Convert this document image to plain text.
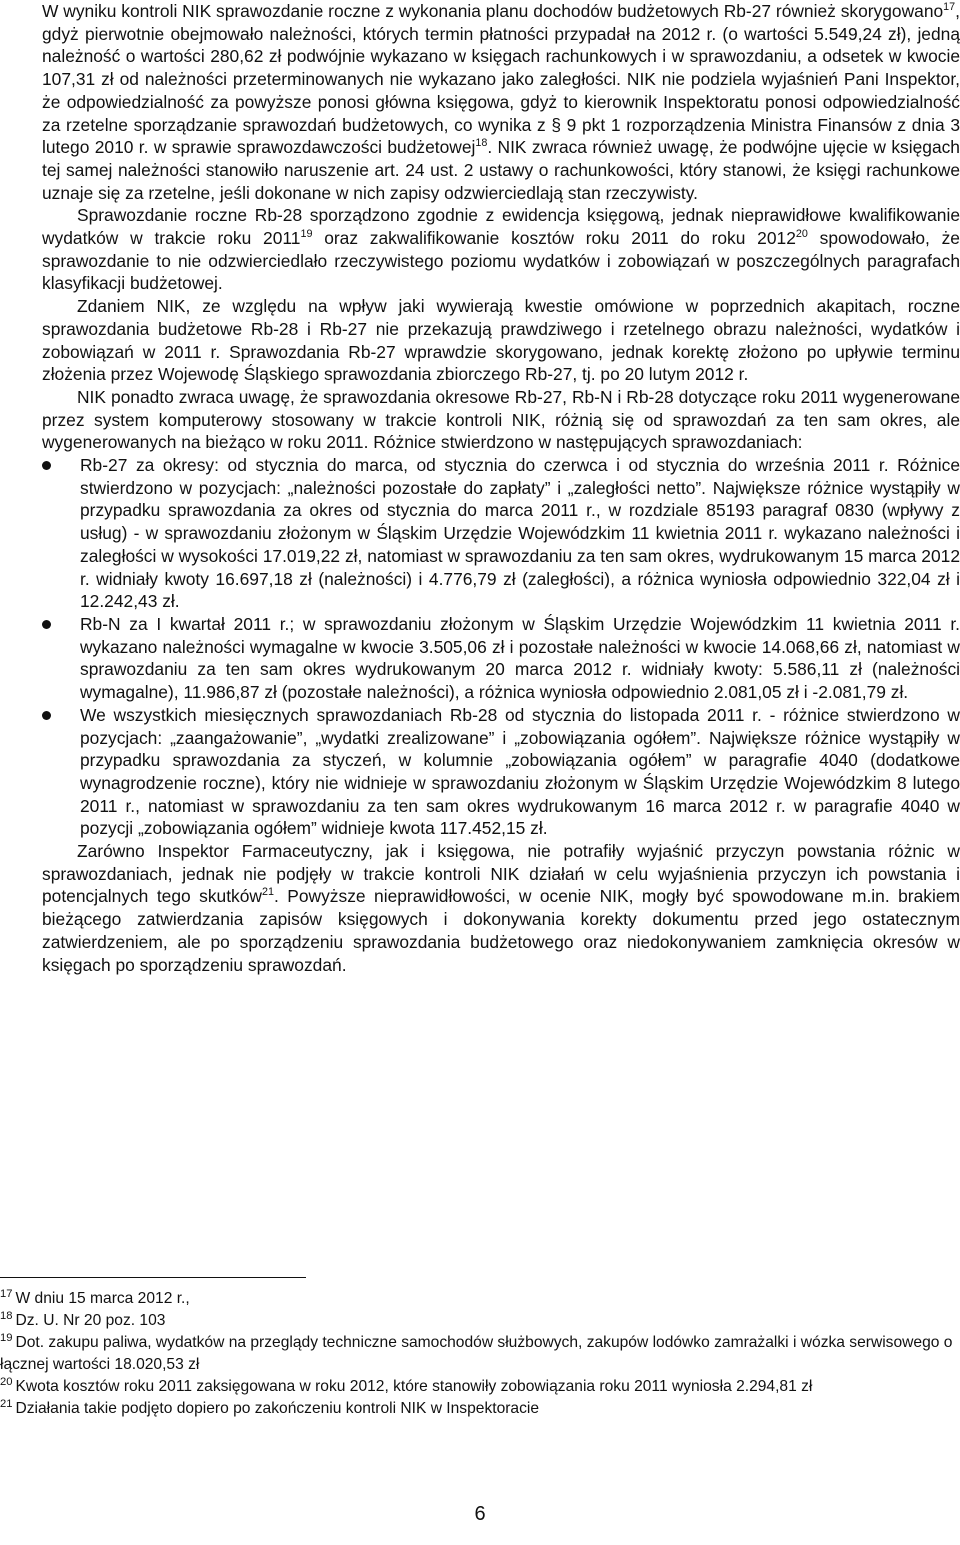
W wyniku kontroli NIK sprawozdanie roczne z wykonania planu dochodów budżetowych Rb-27 również skorygowano$^{17}$, gdyż pierwotnie obejmowało należności, których termin płatności przypadał na 2012 r. (o wartości 5.549,24 zł), jedną należność o wartości 280,62 zł podwójnie wykazano w księgach rachunkowych i w sprawozdaniu, a odsetek w kwocie 107,31 zł od należności przeterminowanych nie wykazano jako zaległości. NIK nie podziela wyjaśnień Pani Inspektor, że odpowiedzialność za powyższe ponosi główna księgowa, gdyż to kierownik Inspektoratu ponosi odpowiedzialność za rzetelne sporządzanie sprawozdań budżetowych, co wynika z § 9 pkt 1 rozporządzenia Ministra Finansów z dnia 3 lutego 2010 r. w sprawie sprawozdawczości budżetowej$^{18}$. NIK zwraca również uwagę, że podwójne ujęcie w księgach tej samej należności stanowiło naruszenie art. 24 ust. 2 ustawy o rachunkowości, który stanowi, że księgi rachunkowe uznaje się za rzetelne, jeśli dokonane w nich zapisy odzwierciedlają stan rzeczywisty.

Sprawozdanie roczne Rb-28 sporządzono zgodnie z ewidencja księgową, jednak nieprawidłowe kwalifikowanie wydatków w trakcie roku 2011$^{19}$ oraz zakwalifikowanie kosztów roku 2011 do roku 2012$^{20}$ spowodowało, że sprawozdanie to nie odzwierciedlało rzeczywistego poziomu wydatków i zobowiązań w poszczególnych paragrafach klasyfikacji budżetowej.

Zdaniem NIK, ze względu na wpływ jaki wywierają kwestie omówione w poprzednich akapitach, roczne sprawozdania budżetowe Rb-28 i Rb-27 nie przekazują prawdziwego i rzetelnego obrazu należności, wydatków i zobowiązań w 2011 r. Sprawozdania Rb-27 wprawdzie skorygowano, jednak korektę złożono po upływie terminu złożenia przez Wojewodę Śląskiego sprawozdania zbiorczego Rb-27, tj. po 20 lutym 2012 r.

NIK ponadto zwraca uwagę, że sprawozdania okresowe Rb-27, Rb-N i Rb-28 dotyczące roku 2011 wygenerowane przez system komputerowy stosowany w trakcie kontroli NIK, różnią się od sprawozdań za ten sam okres, ale wygenerowanych na bieżąco w roku 2011. Różnice stwierdzono w następujących sprawozdaniach:

Rb-27 za okresy: od stycznia do marca, od stycznia do czerwca i od stycznia do września 2011 r. Różnice stwierdzono w pozycjach: „należności pozostałe do zapłaty” i „zaległości netto”. Największe różnice wystąpiły w przypadku sprawozdania za okres od stycznia do marca 2011 r., w rozdziale 85193 paragraf 0830 (wpływy z usług) - w sprawozdaniu złożonym w Śląskim Urzędzie Wojewódzkim 11 kwietnia 2011 r. wykazano należności i zaległości w wysokości 17.019,22 zł, natomiast w sprawozdaniu za ten sam okres, wydrukowanym 15 marca 2012 r. widniały kwoty 16.697,18 zł (należności) i 4.776,79 zł (zaległości), a różnica wyniosła odpowiednio 322,04 zł i 12.242,43 zł.
Rb-N za I kwartał 2011 r.; w sprawozdaniu złożonym w Śląskim Urzędzie Wojewódzkim 11 kwietnia 2011 r. wykazano należności wymagalne w kwocie 3.505,06 zł i pozostałe należności w kwocie 14.068,66 zł, natomiast w sprawozdaniu za ten sam okres wydrukowanym 20 marca 2012 r. widniały kwoty: 5.586,11 zł (należności wymagalne), 11.986,87 zł (pozostałe należności), a różnica wyniosła odpowiednio 2.081,05 zł i -2.081,79 zł.
We wszystkich miesięcznych sprawozdaniach Rb-28 od stycznia do listopada 2011 r. - różnice stwierdzono w pozycjach: „zaangażowanie”, „wydatki zrealizowane” i „zobowiązania ogółem”. Największe różnice wystąpiły w przypadku sprawozdania za styczeń, w kolumnie „zobowiązania ogółem” w paragrafie 4040 (dodatkowe wynagrodzenie roczne), który nie widnieje w sprawozdaniu złożonym w Śląskim Urzędzie Wojewódzkim 8 lutego 2011 r., natomiast w sprawozdaniu za ten sam okres wydrukowanym 16 marca 2012 r. w paragrafie 4040 w pozycji „zobowiązania ogółem” widnieje kwota 117.452,15 zł.

Zarówno Inspektor Farmaceutyczny, jak i księgowa, nie potrafiły wyjaśnić przyczyn powstania różnic w sprawozdaniach, jednak nie podjęły w trakcie kontroli NIK działań w celu wyjaśnienia przyczyn ich powstania i potencjalnych tego skutków$^{21}$. Powyższe nieprawidłowości, w ocenie NIK, mogły być spowodowane m.in. brakiem bieżącego zatwierdzania zapisów księgowych i dokonywania korekty dokumentu przed jego ostatecznym zatwierdzeniem, ale po sporządzeniu sprawozdania budżetowego oraz niedokonywaniem zamknięcia okresów w księgach po sporządzeniu sprawozdań.

$^{17}$ W dniu 15 marca 2012 r.,

$^{18}$ Dz. U. Nr 20 poz. 103

$^{19}$ Dot. zakupu paliwa, wydatków na przeglądy techniczne samochodów służbowych, zakupów lodówko zamrażalki i wózka serwisowego o łącznej wartości 18.020,53 zł

$^{20}$ Kwota kosztów roku 2011 zaksięgowana w roku 2012, które stanowiły zobowiązania roku 2011 wyniosła 2.294,81 zł

$^{21}$ Działania takie podjęto dopiero po zakończeniu kontroli NIK w Inspektoracie

6
